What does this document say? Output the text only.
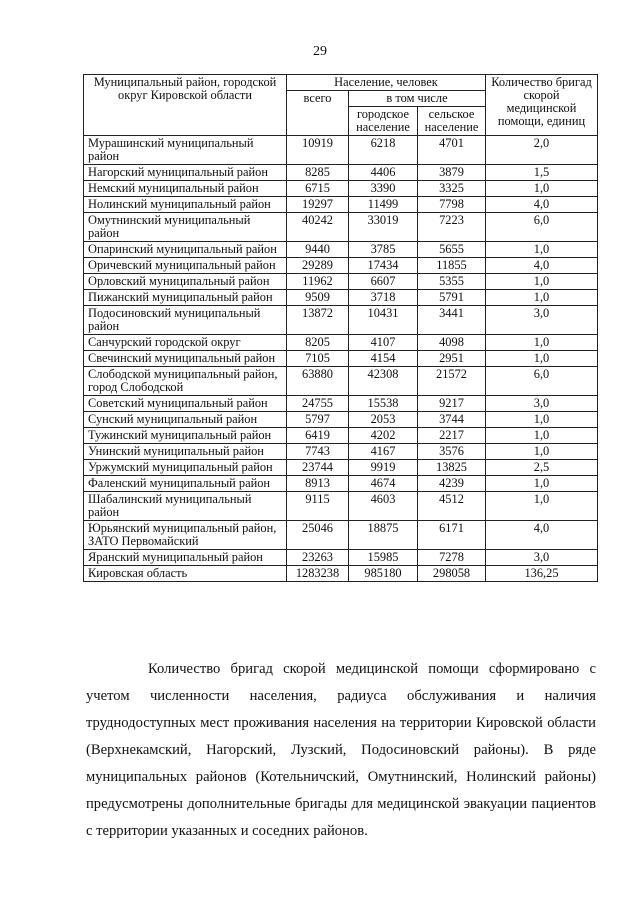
29
Муниципальный район, городской округ Кировской области	Население, человек			Количество бригад скорой медицинской помощи, единиц
	всего	в том числе		
		городское население	сельское население	
Мурашинский муниципальный район	10919	6218	4701	2,0
Нагорский муниципальный район	8285	4406	3879	1,5
Немский муниципальный район	6715	3390	3325	1,0
Нолинский муниципальный район	19297	11499	7798	4,0
Омутнинский муниципальный район	40242	33019	7223	6,0
Опаринский муниципальный район	9440	3785	5655	1,0
Оричевский муниципальный район	29289	17434	11855	4,0
Орловский муниципальный район	11962	6607	5355	1,0
Пижанский муниципальный район	9509	3718	5791	1,0
Подосиновский муниципальный район	13872	10431	3441	3,0
Санчурский городской округ	8205	4107	4098	1,0
Свечинский муниципальный район	7105	4154	2951	1,0
Слободской муниципальный район, город Слободской	63880	42308	21572	6,0
Советский муниципальный район	24755	15538	9217	3,0
Сунский муниципальный район	5797	2053	3744	1,0
Тужинский муниципальный район	6419	4202	2217	1,0
Унинский муниципальный район	7743	4167	3576	1,0
Уржумский муниципальный район	23744	9919	13825	2,5
Фаленский муниципальный район	8913	4674	4239	1,0
Шабалинский муниципальный район	9115	4603	4512	1,0
Юрьянский муниципальный район, ЗАТО Первомайский	25046	18875	6171	4,0
Яранский муниципальный район	23263	15985	7278	3,0
Кировская область	1283238	985180	298058	136,25

Количество бригад скорой медицинской помощи сформировано с учетом численности населения, радиуса обслуживания и наличия труднодоступных мест проживания населения на территории Кировской области (Верхнекамский, Нагорский, Лузский, Подосиновский районы). В ряде муниципальных районов (Котельничский, Омутнинский, Нолинский районы) предусмотрены дополнительные бригады для медицинской эвакуации пациентов с территории указанных и соседних районов.
